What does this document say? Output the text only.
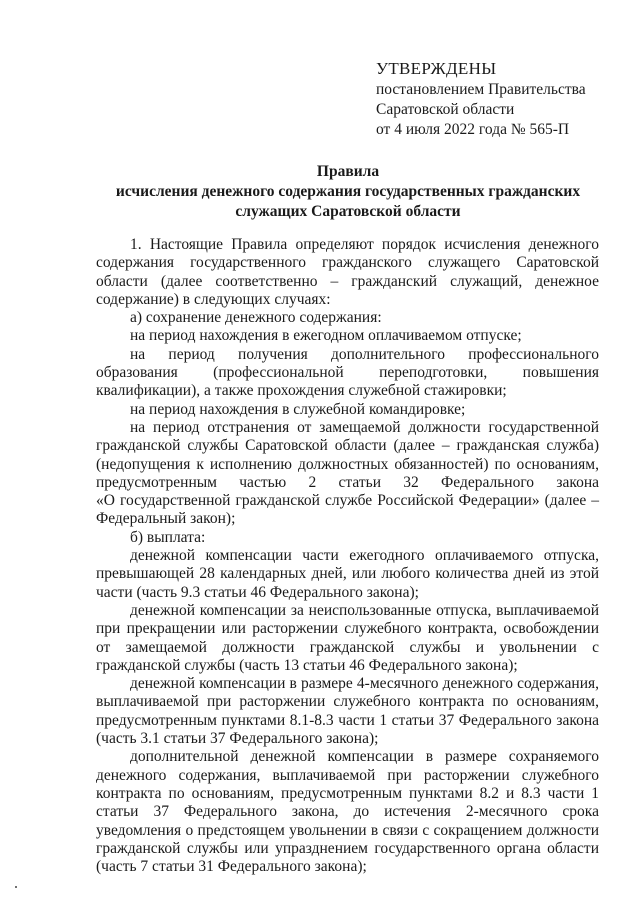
УТВЕРЖДЕНЫ
постановлением Правительства
Саратовской области
от 4 июля 2022 года № 565-П
Правила
исчисления денежного содержания государственных гражданских
служащих Саратовской области

1. Настоящие Правила определяют порядок исчисления денежного содержания государственного гражданского служащего Саратовской области (далее соответственно – гражданский служащий, денежное содержание) в следующих случаях:

а) сохранение денежного содержания:

на период нахождения в ежегодном оплачиваемом отпуске;

на период получения дополнительного профессионального образования (профессиональной переподготовки, повышения квалификации), а также прохождения служебной стажировки;

на период нахождения в служебной командировке;

на период отстранения от замещаемой должности государственной гражданской службы Саратовской области (далее – гражданская служба) (недопущения к исполнению должностных обязанностей) по основаниям,

предусмотренным частью 2 статьи 32 Федерального закона

«О государственной гражданской службе Российской Федерации» (далее – Федеральный закон);

б) выплата:

денежной компенсации части ежегодного оплачиваемого отпуска, превышающей 28 календарных дней, или любого количества дней из этой части (часть 9.3 статьи 46 Федерального закона);

денежной компенсации за неиспользованные отпуска, выплачиваемой при прекращении или расторжении служебного контракта, освобождении от замещаемой должности гражданской службы и увольнении с гражданской службы (часть 13 статьи 46 Федерального закона);

денежной компенсации в размере 4-месячного денежного содержания, выплачиваемой при расторжении служебного контракта по основаниям, предусмотренным пунктами 8.1-8.3 части 1 статьи 37 Федерального закона (часть 3.1 статьи 37 Федерального закона);

дополнительной денежной компенсации в размере сохраняемого денежного содержания, выплачиваемой при расторжении служебного контракта по основаниям, предусмотренным пунктами 8.2 и 8.3 части 1 статьи 37 Федерального закона, до истечения 2-месячного срока уведомления о предстоящем увольнении в связи с сокращением должности гражданской службы или упразднением государственного органа области (часть 7 статьи 31 Федерального закона);
